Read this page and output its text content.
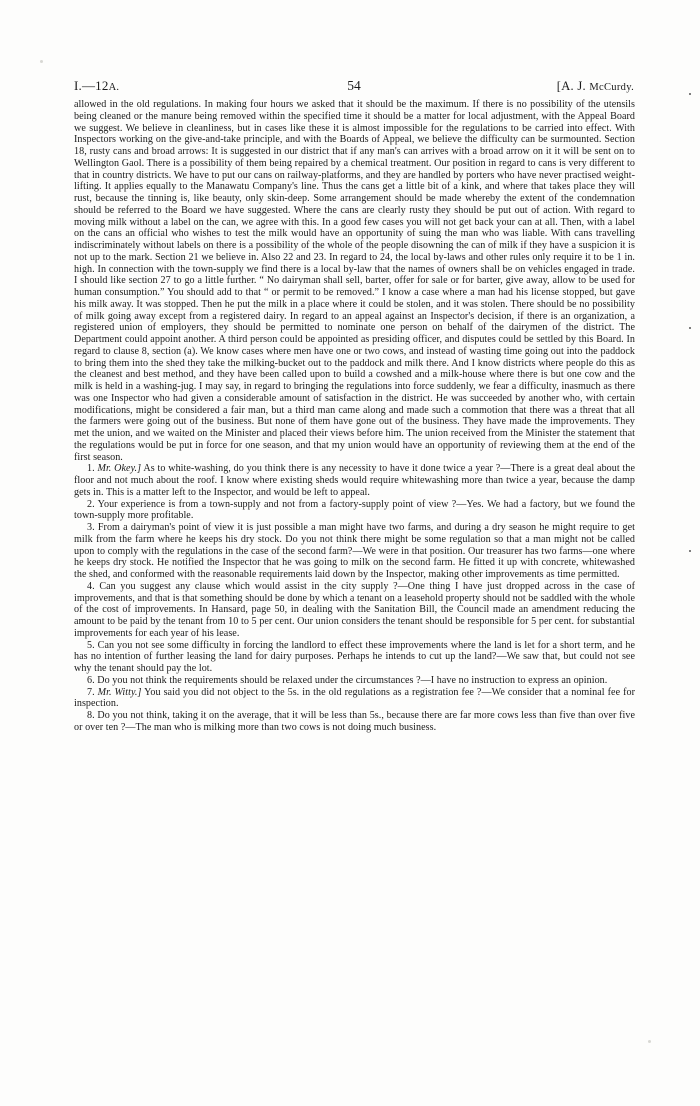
I.—12A.	54	[A. J. McCurdy.

allowed in the old regulations. In making four hours we asked that it should be the maximum. If there is no possibility of the utensils being cleaned or the manure being removed within the specified time it should be a matter for local adjustment, with the Appeal Board we suggest. We believe in cleanliness, but in cases like these it is almost impossible for the regulations to be carried into effect. With Inspectors working on the give-and-take principle, and with the Boards of Appeal, we believe the difficulty can be surmounted. Section 18, rusty cans and broad arrows: It is suggested in our district that if any man's can arrives with a broad arrow on it it will be sent on to Wellington Gaol. There is a possibility of them being repaired by a chemical treatment. Our position in regard to cans is very different to that in country districts. We have to put our cans on railway-platforms, and they are handled by porters who have never practised weight-lifting. It applies equally to the Manawatu Company's line. Thus the cans get a little bit of a kink, and where that takes place they will rust, because the tinning is, like beauty, only skin-deep. Some arrangement should be made whereby the extent of the condemnation should be referred to the Board we have suggested. Where the cans are clearly rusty they should be put out of action. With regard to moving milk without a label on the can, we agree with this. In a good few cases you will not get back your can at all. Then, with a label on the cans an official who wishes to test the milk would have an opportunity of suing the man who was liable. With cans travelling indiscriminately without labels on there is a possibility of the whole of the people disowning the can of milk if they have a suspicion it is not up to the mark. Section 21 we believe in. Also 22 and 23. In regard to 24, the local by-laws and other rules only require it to be 1 in. high. In connection with the town-supply we find there is a local by-law that the names of owners shall be on vehicles engaged in trade. I should like section 27 to go a little further. “ No dairyman shall sell, barter, offer for sale or for barter, give away, allow to be used for human consumption.” You should add to that “ or permit to be removed.” I know a case where a man had his license stopped, but gave his milk away. It was stopped. Then he put the milk in a place where it could be stolen, and it was stolen. There should be no possibility of milk going away except from a registered dairy. In regard to an appeal against an Inspector's decision, if there is an organization, a registered union of employers, they should be permitted to nominate one person on behalf of the dairymen of the district. The Department could appoint another. A third person could be appointed as presiding officer, and disputes could be settled by this Board. In regard to clause 8, section (a). We know cases where men have one or two cows, and instead of wasting time going out into the paddock to bring them into the shed they take the milking-bucket out to the paddock and milk there. And I know districts where people do this as the cleanest and best method, and they have been called upon to build a cowshed and a milk-house where there is but one cow and the milk is held in a washing-jug. I may say, in regard to bringing the regulations into force suddenly, we fear a difficulty, inasmuch as there was one Inspector who had given a considerable amount of satisfaction in the district. He was succeeded by another who, with certain modifications, might be considered a fair man, but a third man came along and made such a commotion that there was a threat that all the farmers were going out of the business. But none of them have gone out of the business. They have made the improvements. They met the union, and we waited on the Minister and placed their views before him. The union received from the Minister the statement that the regulations would be put in force for one season, and that my union would have an opportunity of reviewing them at the end of the first season.

1. Mr. Okey.] As to white-washing, do you think there is any necessity to have it done twice a year ?—There is a great deal about the floor and not much about the roof. I know where existing sheds would require whitewashing more than twice a year, because the damp gets in. This is a matter left to the Inspector, and would be left to appeal.

2. Your experience is from a town-supply and not from a factory-supply point of view ?—Yes. We had a factory, but we found the town-supply more profitable.

3. From a dairyman's point of view it is just possible a man might have two farms, and during a dry season he might require to get milk from the farm where he keeps his dry stock. Do you not think there might be some regulation so that a man might not be called upon to comply with the regulations in the case of the second farm?—We were in that position. Our treasurer has two farms—one where he keeps dry stock. He notified the Inspector that he was going to milk on the second farm. He fitted it up with concrete, whitewashed the shed, and conformed with the reasonable requirements laid down by the Inspector, making other improvements as time permitted.

4. Can you suggest any clause which would assist in the city supply ?—One thing I have just dropped across in the case of improvements, and that is that something should be done by which a tenant on a leasehold property should not be saddled with the whole of the cost of improvements. In Hansard, page 50, in dealing with the Sanitation Bill, the Council made an amendment reducing the amount to be paid by the tenant from 10 to 5 per cent. Our union considers the tenant should be responsible for 5 per cent. for substantial improvements for each year of his lease.

5. Can you not see some difficulty in forcing the landlord to effect these improvements where the land is let for a short term, and he has no intention of further leasing the land for dairy purposes. Perhaps he intends to cut up the land?—We saw that, but could not see why the tenant should pay the lot.

6. Do you not think the requirements should be relaxed under the circumstances ?—I have no instruction to express an opinion.

7. Mr. Witty.] You said you did not object to the 5s. in the old regulations as a registration fee ?—We consider that a nominal fee for inspection.

8. Do you not think, taking it on the average, that it will be less than 5s., because there are far more cows less than five than over five or over ten ?—The man who is milking more than two cows is not doing much business.
